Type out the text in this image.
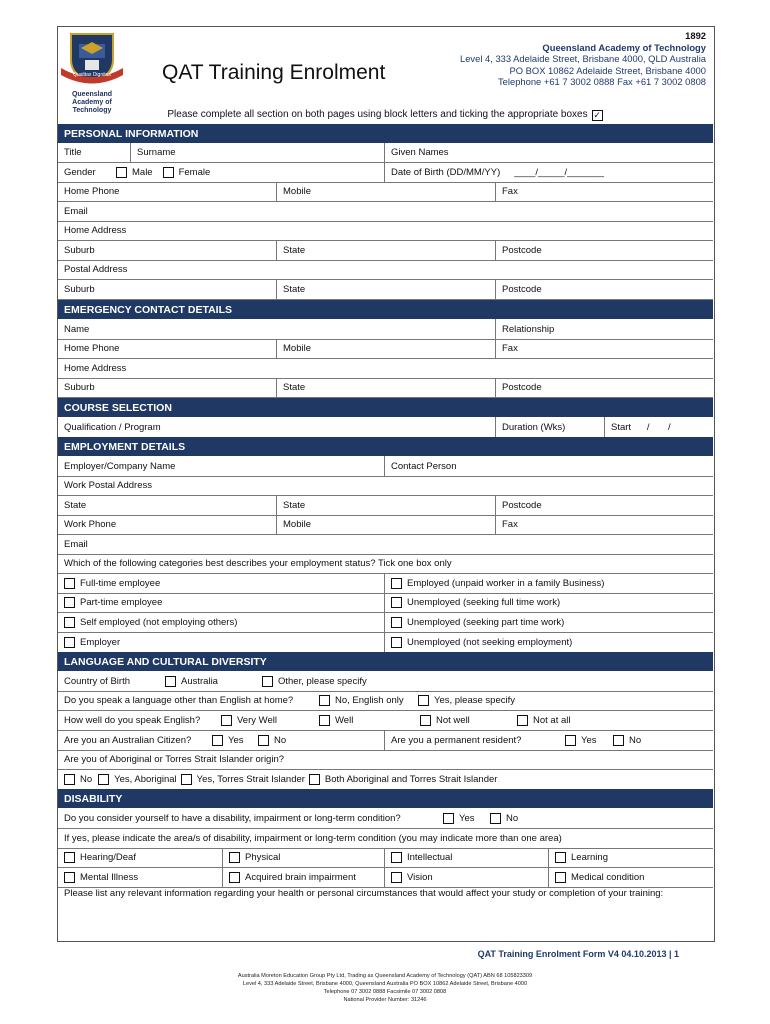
Queensland Academy of Technology
Qualitas Dignitas	QAT Training Enrolment
1892
Queensland Academy of Technology
Level 4, 333 Adelaide Street, Brisbane 4000, QLD Australia
PO BOX 10862 Adelaide Street, Brisbane 4000
Telephone +61 7 3002 0888 Fax +61 7 3002 0808
Please complete all section on both pages using block letters and ticking the appropriate boxes ✓
PERSONAL INFORMATION
Title	Surname	Given Names
Gender	Male	Female	Date of Birth (DD/MM/YY) ____/_____/_______
Home Phone	Mobile	Fax
Email
Home Address
Suburb	State	Postcode
Postal Address
Suburb	State	Postcode
EMERGENCY CONTACT DETAILS
Name	Relationship
Home Phone	Mobile	Fax
Home Address
Suburb	State	Postcode
COURSE SELECTION
Qualification / Program	Duration (Wks)	Start      /       /
EMPLOYMENT DETAILS
Employer/Company Name	Contact Person
Work Postal Address
State	State	Postcode
Work Phone	Mobile	Fax
Email
Which of the following categories best describes your employment status? Tick one box only
Full-time employee	Employed (unpaid worker in a family Business)
Part-time employee	Unemployed (seeking full time work)
Self employed (not employing others)	Unemployed (seeking part time work)
Employer	Unemployed (not seeking employment)
LANGUAGE AND CULTURAL DIVERSITY
Country of Birth	Australia	Other, please specify
Do you speak a language other than English at home?	No, English only	Yes, please specify
How well do you speak English?	Very Well	Well	Not well	Not at all
Are you an Australian Citizen?	Yes	No	Are you a permanent resident?	Yes	No
Are you of Aboriginal or Torres Strait Islander origin?
No Yes, Aboriginal Yes, Torres Strait Islander Both Aboriginal and Torres Strait Islander
DISABILITY
Do you consider yourself to have a disability, impairment or long-term condition?	Yes	No
If yes, please indicate the area/s of disability, impairment or long-term condition (you may indicate more than one area)
Hearing/Deaf	Physical	Intellectual	Learning
Mental Illness	Acquired brain impairment	Vision	Medical condition
Please list any relevant information regarding your health or personal circumstances that would affect your study or completion of your training:
QAT Training Enrolment Form V4 04.10.2013 | 1
Australia Moreton Education Group Pty Ltd, Trading as Queensland Academy of Technology (QAT) ABN 68 105823309
Level 4, 333 Adelaide Street, Brisbane 4000, Queensland Australia PO BOX 10862 Adelaide Street, Brisbane 4000
Telephone 07 3002 0888 Facsimile 07 3002 0808
National Provider Number: 31246
